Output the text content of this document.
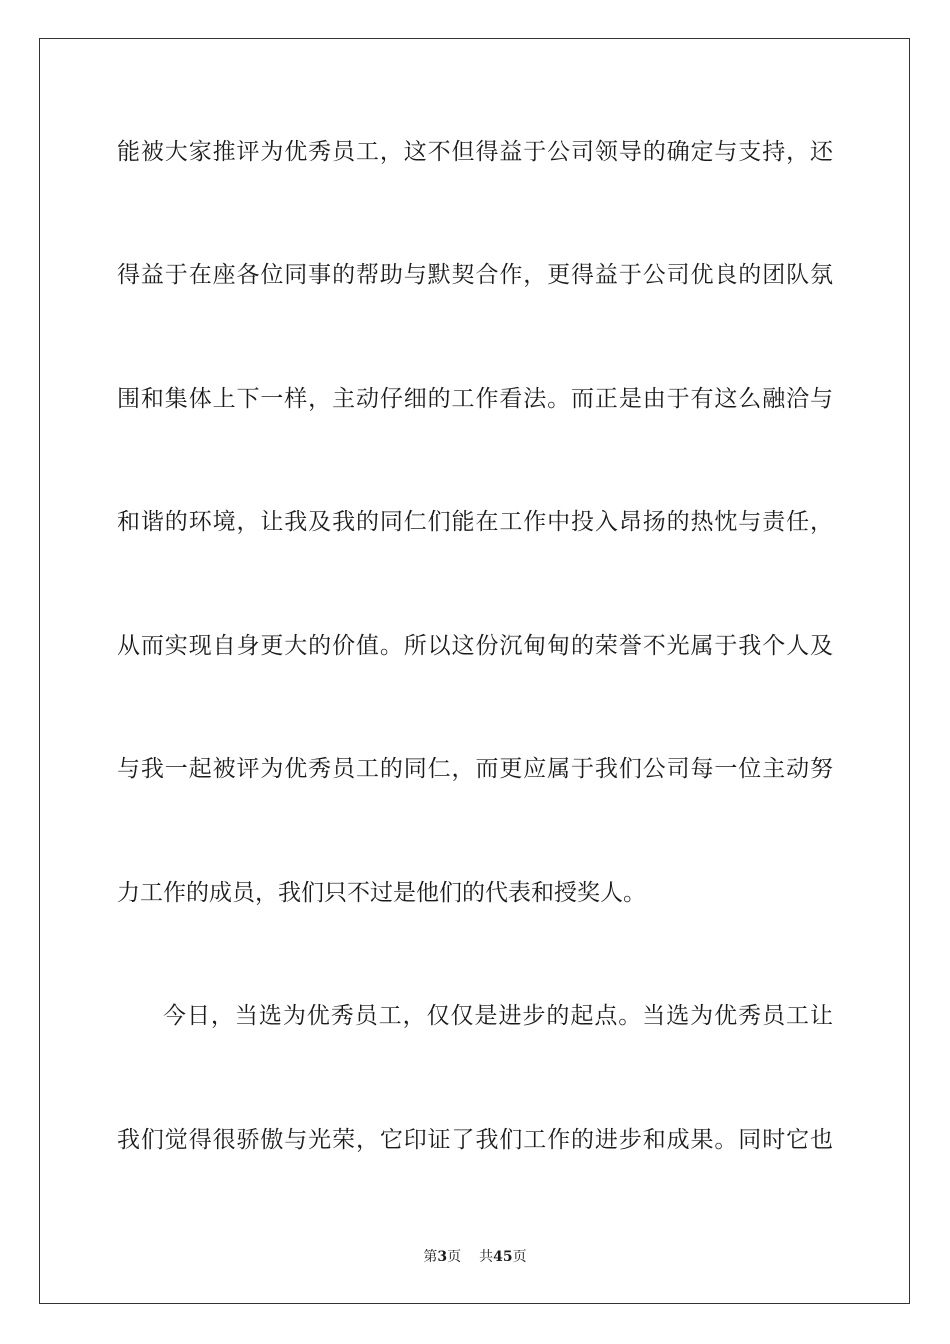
能被大家推评为优秀员工，这不但得益于公司领导的确定与支持，还
得益于在座各位同事的帮助与默契合作，更得益于公司优良的团队氛
围和集体上下一样，主动仔细的工作看法。而正是由于有这么融洽与
和谐的环境，让我及我的同仁们能在工作中投入昂扬的热忱与责任，
从而实现自身更大的价值。所以这份沉甸甸的荣誉不光属于我个人及
与我一起被评为优秀员工的同仁，而更应属于我们公司每一位主动努
力工作的成员，我们只不过是他们的代表和授奖人。
今日，当选为优秀员工，仅仅是进步的起点。当选为优秀员工让
我们觉得很骄傲与光荣，它印证了我们工作的进步和成果。同时它也
第3页 共45页
